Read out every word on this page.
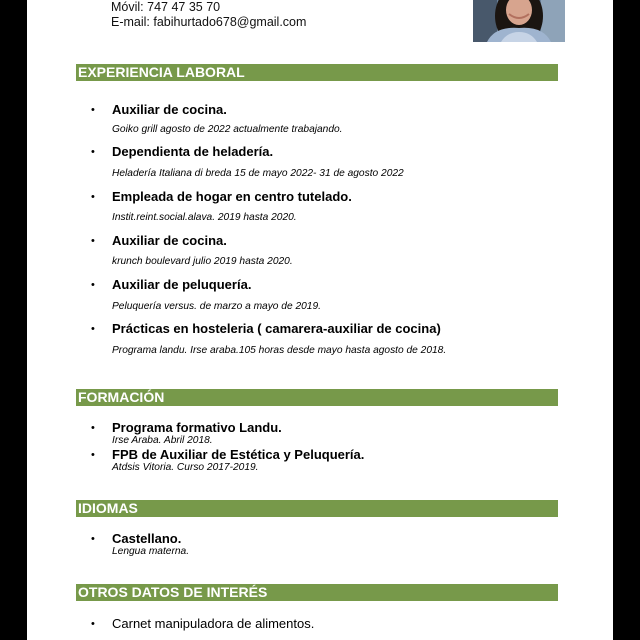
Móvil: 747 47 35 70
E-mail: fabihurtado678@gmail.com
EXPERIENCIA LABORAL
• Auxiliar de cocina.
Goiko grill agosto de 2022 actualmente trabajando.
• Dependienta de heladería.
Heladería Italiana di breda 15 de mayo 2022- 31 de agosto 2022
• Empleada de hogar en centro tutelado.
Instit.reint.social.alava. 2019 hasta 2020.
• Auxiliar de cocina.
krunch boulevard julio 2019 hasta 2020.
• Auxiliar de peluquería.
Peluquería versus. de marzo a mayo de 2019.
• Prácticas en hosteleria ( camarera-auxiliar de cocina)
Programa landu. Irse araba.105 horas desde mayo hasta agosto de 2018.
FORMACIÓN
• Programa formativo Landu.
Irse Araba. Abril 2018.
• FPB de Auxiliar de Estética y Peluquería.
Atdsis Vitoria. Curso 2017-2019.
IDIOMAS
• Castellano.
Lengua materna.
OTROS DATOS DE INTERÉS
• Carnet manipuladora de alimentos.
